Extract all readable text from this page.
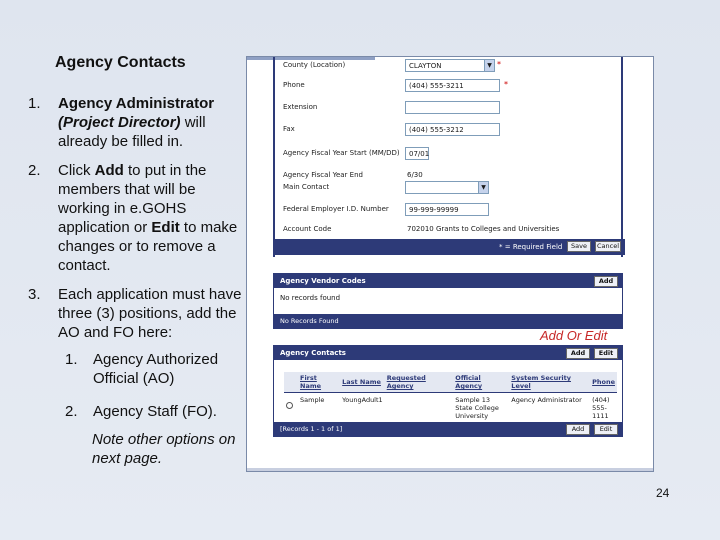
Agency Contacts
1.	Agency Administrator (Project Director) will already be filled in.
2.	Click Add to put in the members that will be working in e.GOHS application or Edit to make changes or to remove a contact.
3.	Each application must have three (3) positions, add the AO and FO here:
1.	Agency Authorized Official (AO)
2.	Agency Staff (FO).
Note other options on next page.
County (Location)	CLAYTON	▼ *
Phone	(404) 555-3211	*
Extension
Fax	(404) 555-3212
Agency Fiscal Year Start (MM/DD)	07/01
Agency Fiscal Year End	6/30
Main Contact	▼
Federal Employer I.D. Number	99-999-99999
Account Code	702010 Grants to Colleges and Universities
* = Required Field	Save	Cancel
Agency Vendor Codes	Add
No records found
No Records Found
Agency Contacts	Add	Edit
	First Name	Last Name	Requested Agency	Official Agency	System Security Level	Phone
	Sample	YoungAdult1		Sample 13 State College University	Agency Administrator	(404) 555-1111
[Records 1 - 1 of 1]	Add	Edit
Add Or Edit
24
